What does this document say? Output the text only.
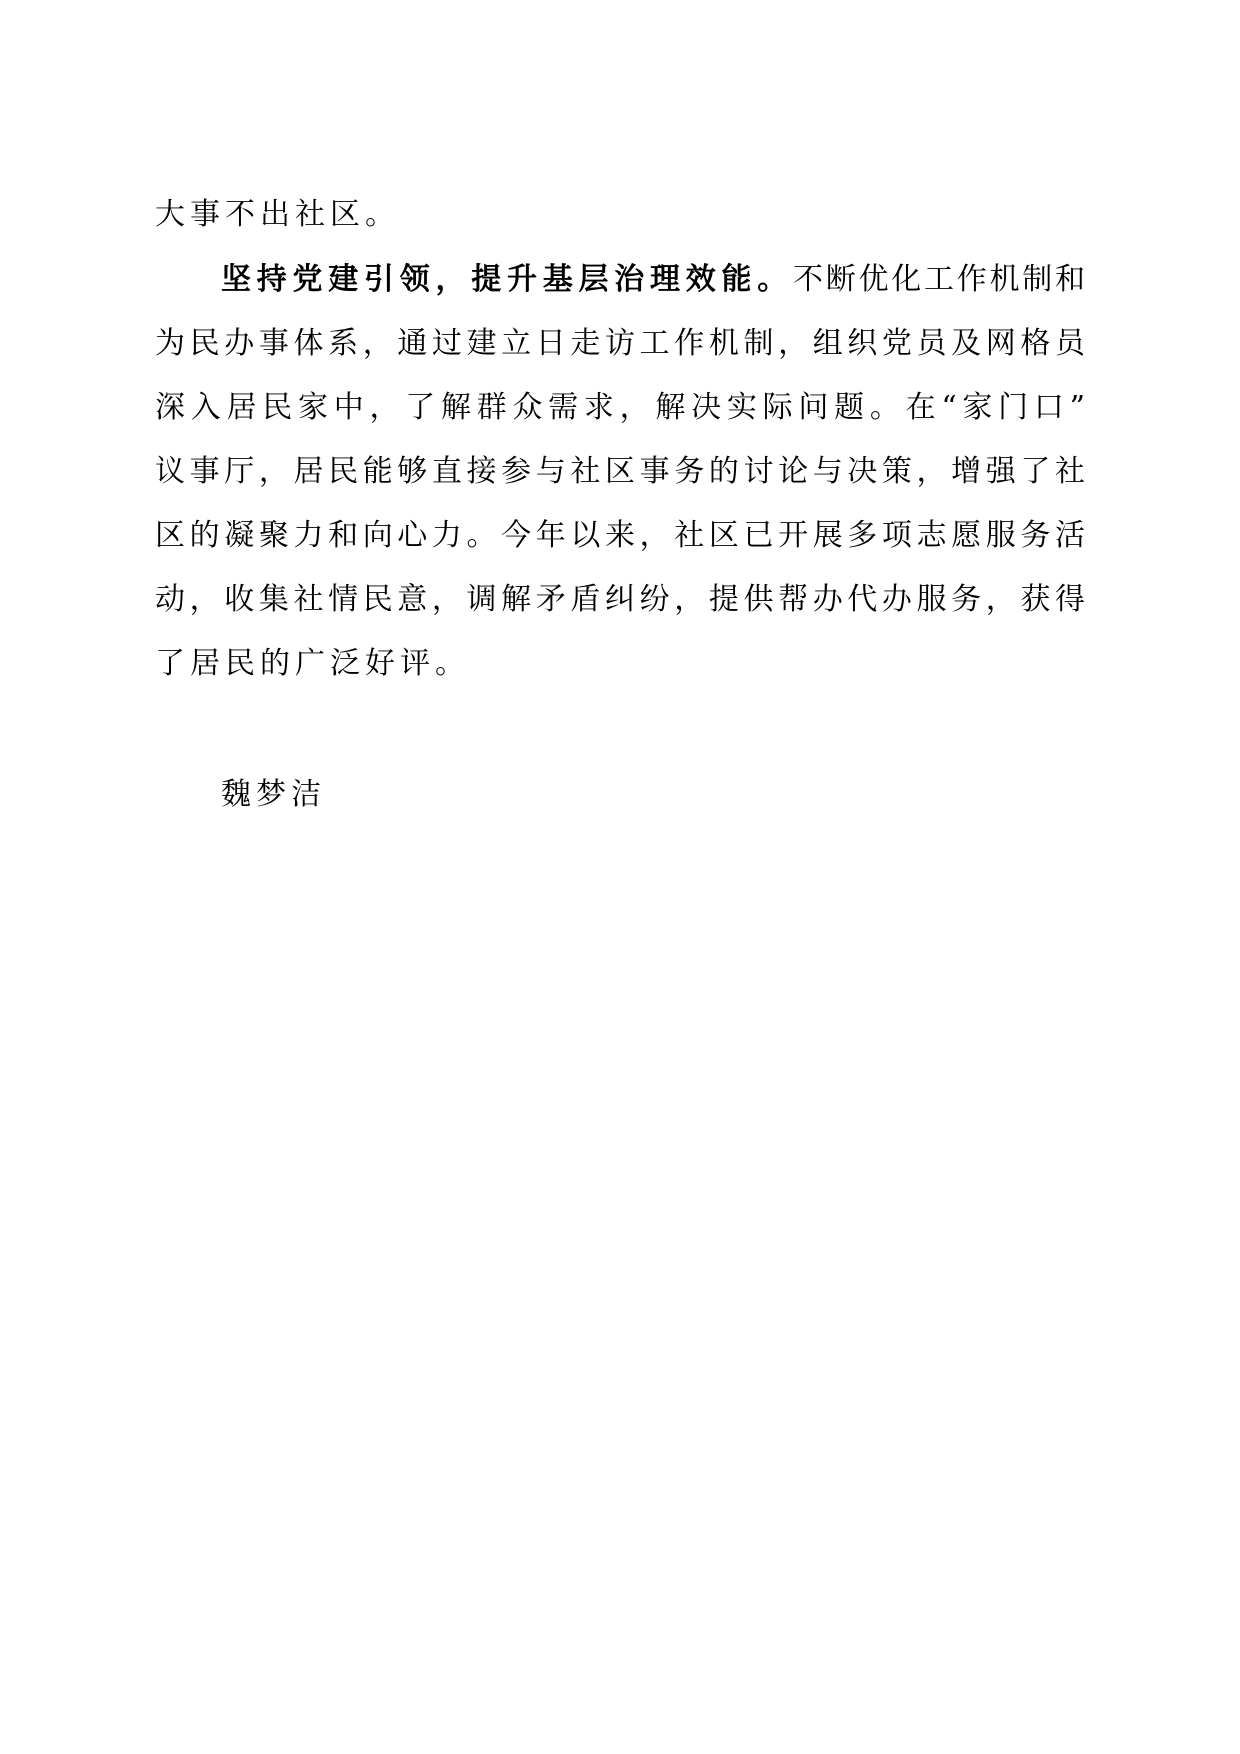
大事不出社区。
坚持党建引领，提升基层治理效能。不断优化工作机制和
为民办事体系，通过建立日走访工作机制，组织党员及网格员
深入居民家中，了解群众需求，解决实际问题。在“家门口”
议事厅，居民能够直接参与社区事务的讨论与决策，增强了社
区的凝聚力和向心力。今年以来，社区已开展多项志愿服务活
动，收集社情民意，调解矛盾纠纷，提供帮办代办服务，获得
了居民的广泛好评。
魏梦洁
